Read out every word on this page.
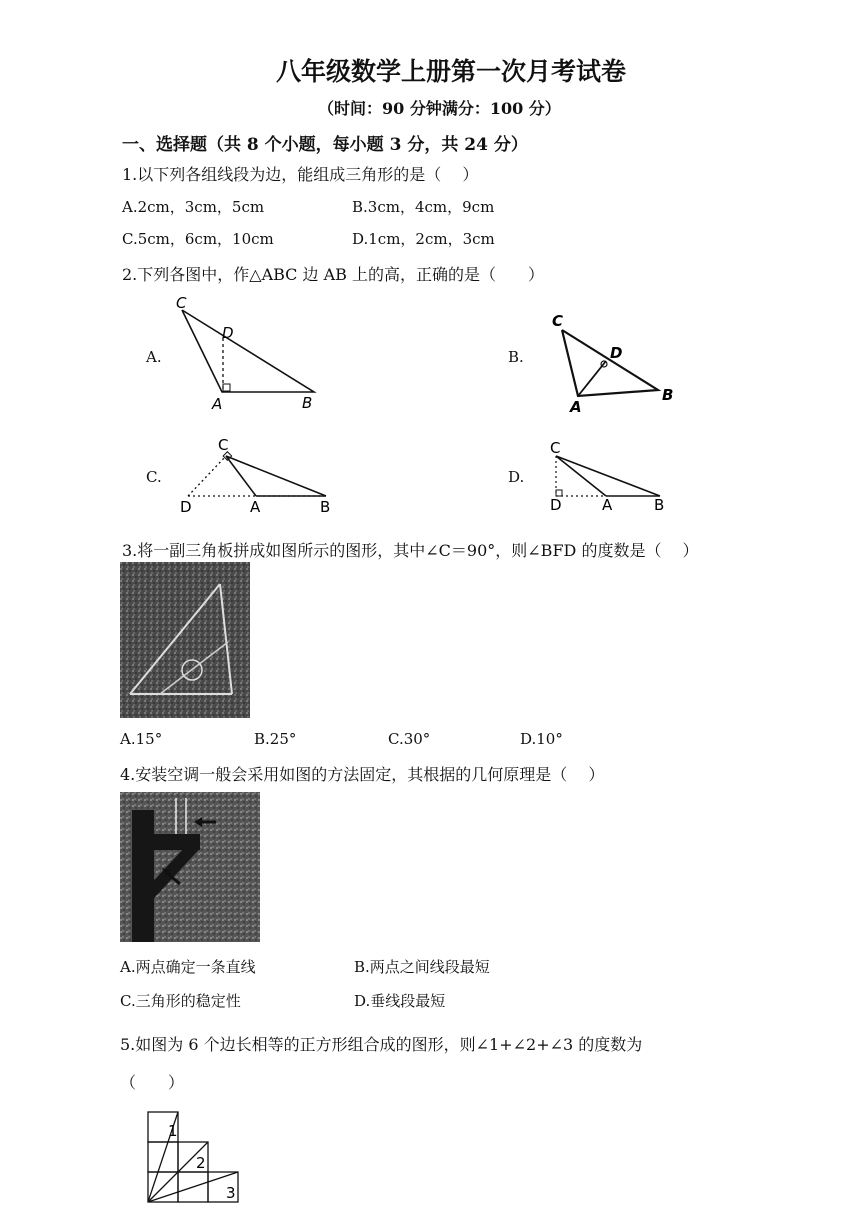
八年级数学上册第一次月考试卷
（时间：90 分钟满分：100 分）
一、选择题（共 8 个小题，每小题 3 分，共 24 分）
1.以下列各组线段为边，能组成三角形的是（　 ）
A.2cm，3cm，5cm	B.3cm，4cm，9cm
C.5cm，6cm，10cm	D.1cm，2cm，3cm
2.下列各图中，作△ABC 边 AB 上的高，正确的是（　　）
A.
C
D
A	B
B.
C
D
A
B
C.
C
D	A	B
D.
C
D	A	B
3.将一副三角板拼成如图所示的图形，其中∠C＝90°，则∠BFD 的度数是（　 ）
A.15°	B.25°	C.30°	D.10°
4.安装空调一般会采用如图的方法固定，其根据的几何原理是（　 ）
A.两点确定一条直线	B.两点之间线段最短
C.三角形的稳定性	D.垂线段最短
5.如图为 6 个边长相等的正方形组合成的图形，则∠1+∠2+∠3 的度数为
（　　）
1
2
3
